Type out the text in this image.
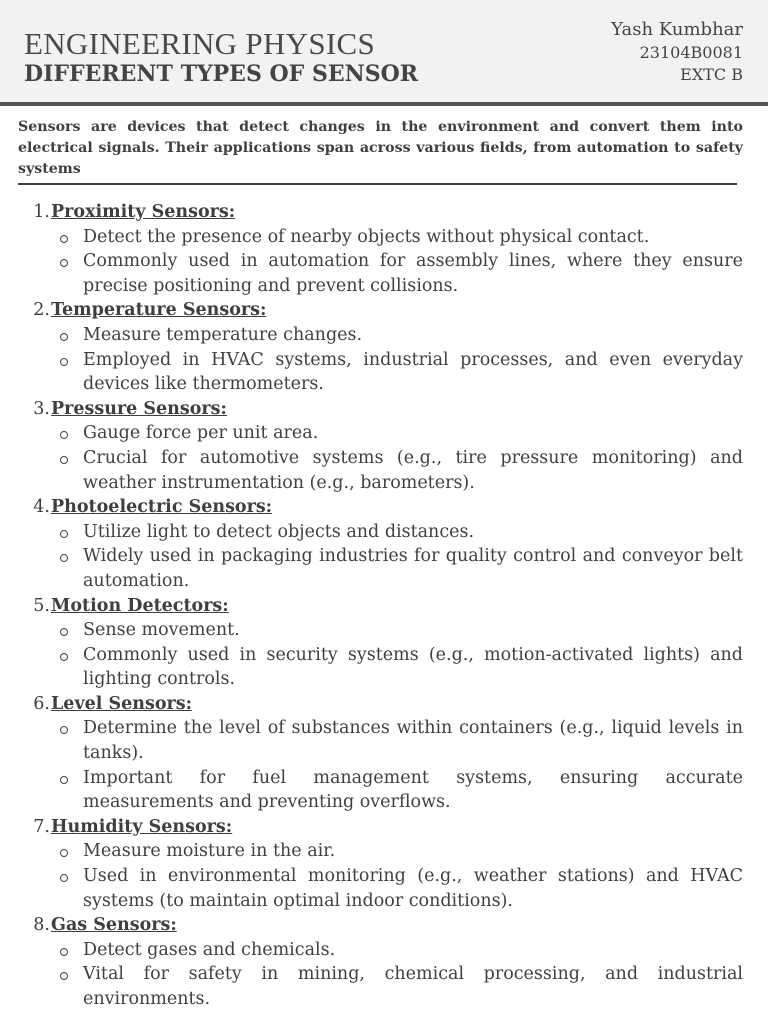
ENGINEERING PHYSICS
DIFFERENT TYPES OF SENSOR
Yash Kumbhar
23104B0081
EXTC B
Sensors are devices that detect changes in the environment and convert them into electrical signals. Their applications span across various fields, from automation to safety systems
1. Proximity Sensors:
Detect the presence of nearby objects without physical contact.
Commonly used in automation for assembly lines, where they ensure precise positioning and prevent collisions.
2. Temperature Sensors:
Measure temperature changes.
Employed in HVAC systems, industrial processes, and even everyday devices like thermometers.
3. Pressure Sensors:
Gauge force per unit area.
Crucial for automotive systems (e.g., tire pressure monitoring) and weather instrumentation (e.g., barometers).
4. Photoelectric Sensors:
Utilize light to detect objects and distances.
Widely used in packaging industries for quality control and conveyor belt automation.
5. Motion Detectors:
Sense movement.
Commonly used in security systems (e.g., motion-activated lights) and lighting controls.
6. Level Sensors:
Determine the level of substances within containers (e.g., liquid levels in tanks).
Important for fuel management systems, ensuring accurate measurements and preventing overflows.
7. Humidity Sensors:
Measure moisture in the air.
Used in environmental monitoring (e.g., weather stations) and HVAC systems (to maintain optimal indoor conditions).
8. Gas Sensors:
Detect gases and chemicals.
Vital for safety in mining, chemical processing, and industrial environments.
